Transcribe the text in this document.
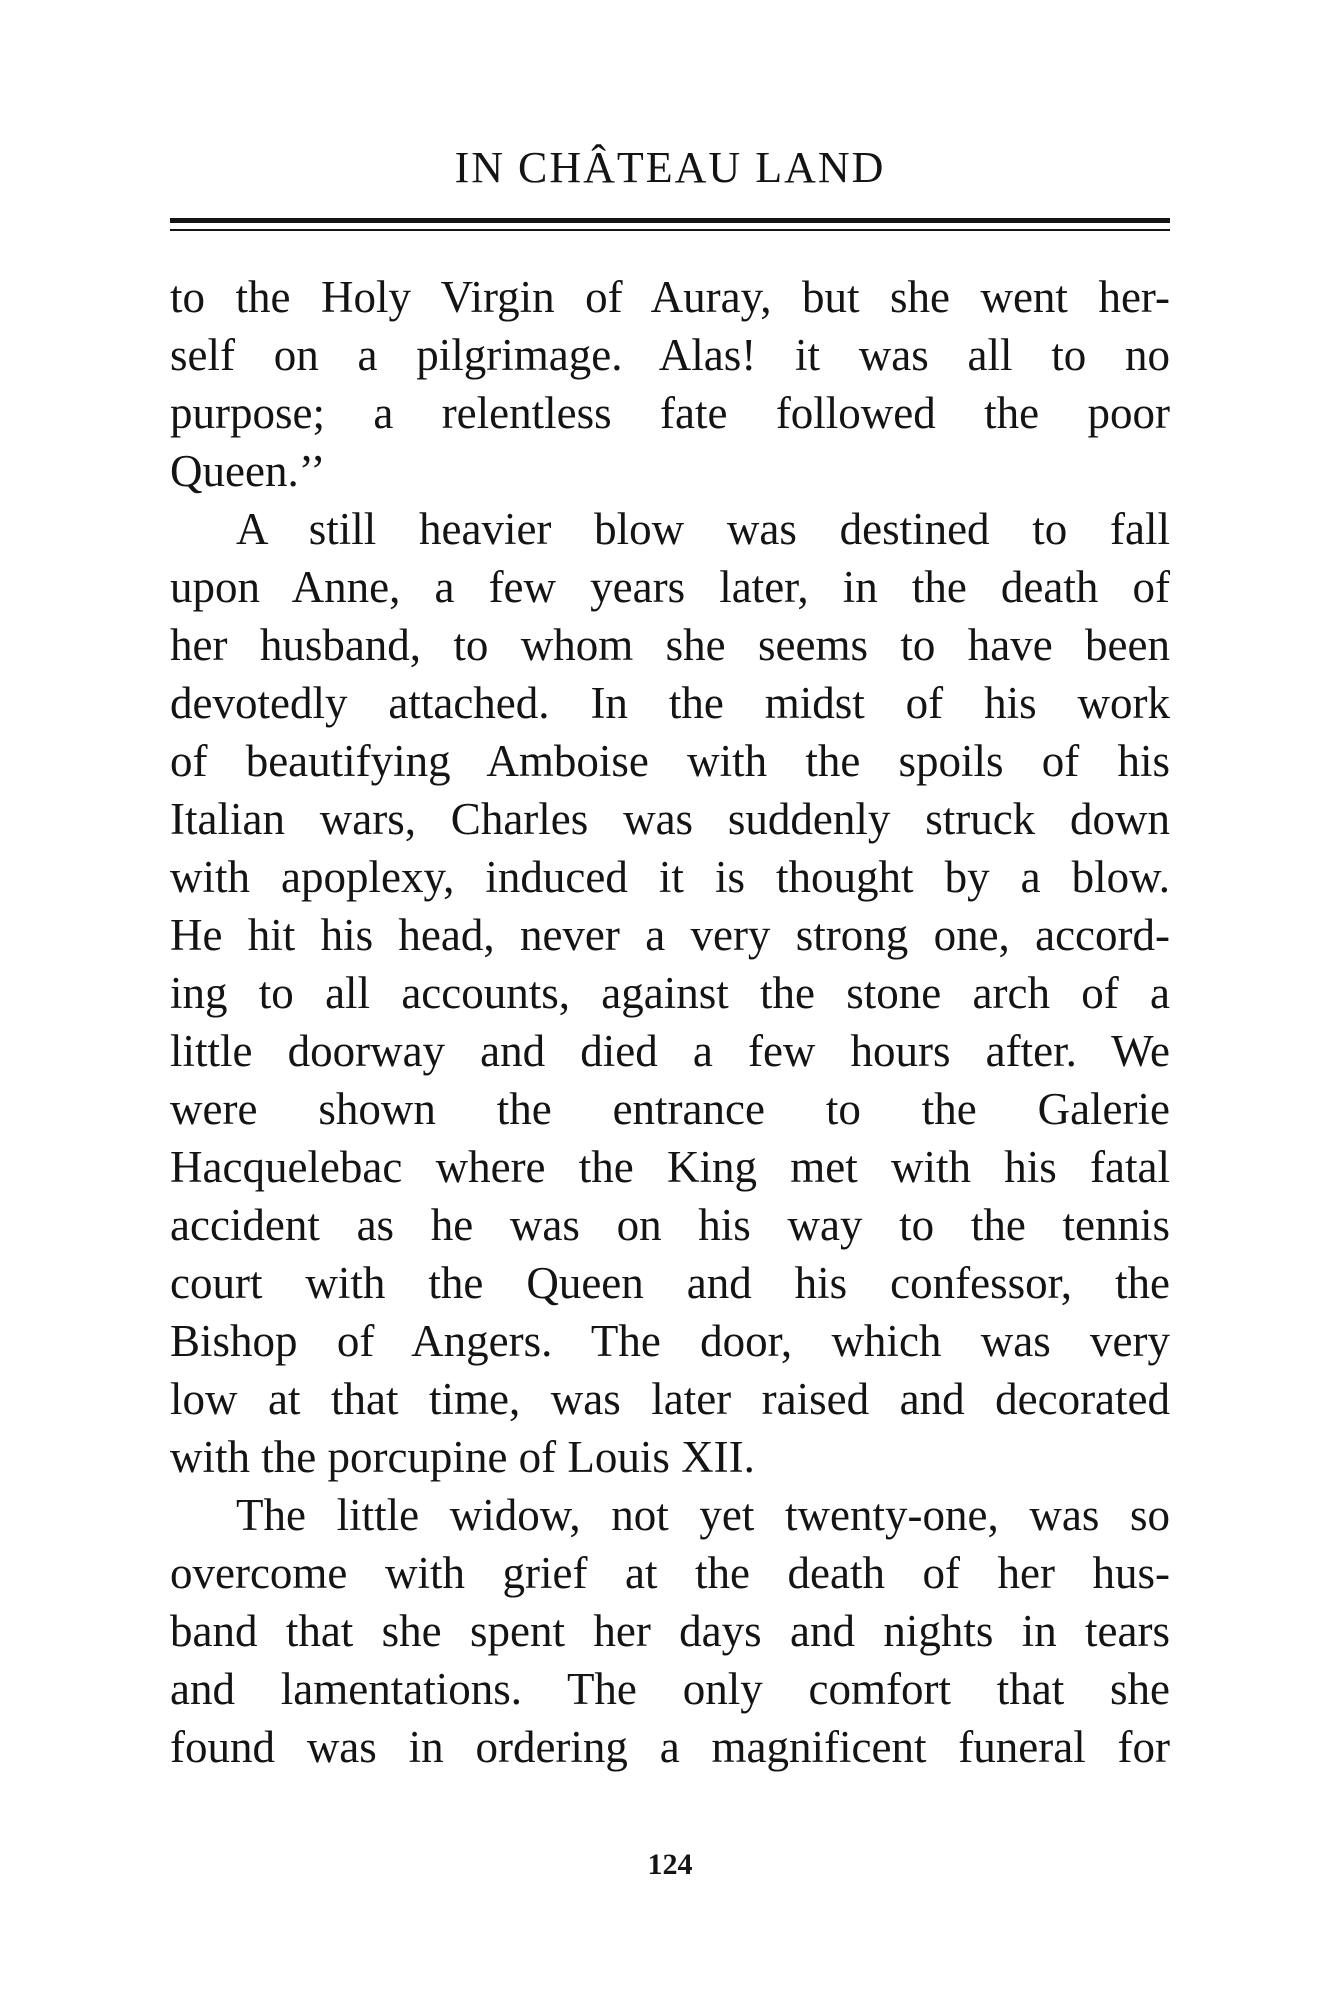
IN CHÂTEAU LAND
to the Holy Virgin of Auray, but she went her-
self on a pilgrimage. Alas! it was all to no
purpose; a relentless fate followed the poor
Queen.’’
A still heavier blow was destined to fall
upon Anne, a few years later, in the death of
her husband, to whom she seems to have been
devotedly attached. In the midst of his work
of beautifying Amboise with the spoils of his
Italian wars, Charles was suddenly struck down
with apoplexy, induced it is thought by a blow.
He hit his head, never a very strong one, accord-
ing to all accounts, against the stone arch of a
little doorway and died a few hours after. We
were shown the entrance to the Galerie
Hacquelebac where the King met with his fatal
accident as he was on his way to the tennis
court with the Queen and his confessor, the
Bishop of Angers. The door, which was very
low at that time, was later raised and decorated
with the porcupine of Louis XII.
The little widow, not yet twenty-one, was so
overcome with grief at the death of her hus-
band that she spent her days and nights in tears
and lamentations. The only comfort that she
found was in ordering a magnificent funeral for
124
